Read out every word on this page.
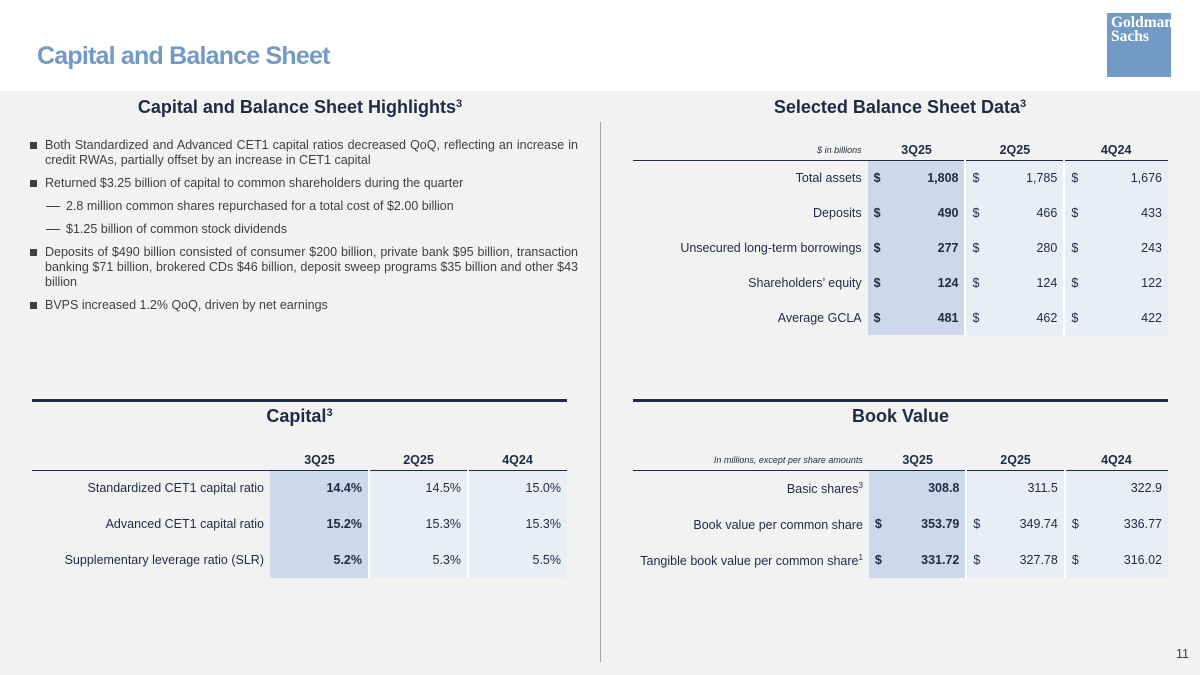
Capital and Balance Sheet
Goldman
Sachs
Capital and Balance Sheet Highlights$^3$
Both Standardized and Advanced CET1 capital ratios decreased QoQ, reflecting an increase in credit RWAs, partially offset by an increase in CET1 capital
Returned $3.25 billion of capital to common shareholders during the quarter
2.8 million common shares repurchased for a total cost of $2.00 billion
$1.25 billion of common stock dividends
Deposits of $490 billion consisted of consumer $200 billion, private bank $95 billion, transaction banking $71 billion, brokered CDs $46 billion, deposit sweep programs $35 billion and other $43 billion
BVPS increased 1.2% QoQ, driven by net earnings
Selected Balance Sheet Data$^3$
$ in billions	3Q25		2Q25		4Q24	
Total assets	$	1,808	$	1,785	$	1,676
Deposits	$	490	$	466	$	433
Unsecured long-term borrowings	$	277	$	280	$	243
Shareholders’ equity	$	124	$	124	$	122
Average GCLA	$	481	$	462	$	422
Capital$^3$
	3Q25	2Q25	4Q24
Standardized CET1 capital ratio	14.4%	14.5%	15.0%
Advanced CET1 capital ratio	15.2%	15.3%	15.3%
Supplementary leverage ratio (SLR)	5.2%	5.3%	5.5%
Book Value
In millions, except per share amounts	3Q25		2Q25		4Q24	
Basic shares$^3$	308.8		311.5		322.9	
Book value per common share	$	353.79	$	349.74	$	336.77
Tangible book value per common share$^1$	$	331.72	$	327.78	$	316.02
11
